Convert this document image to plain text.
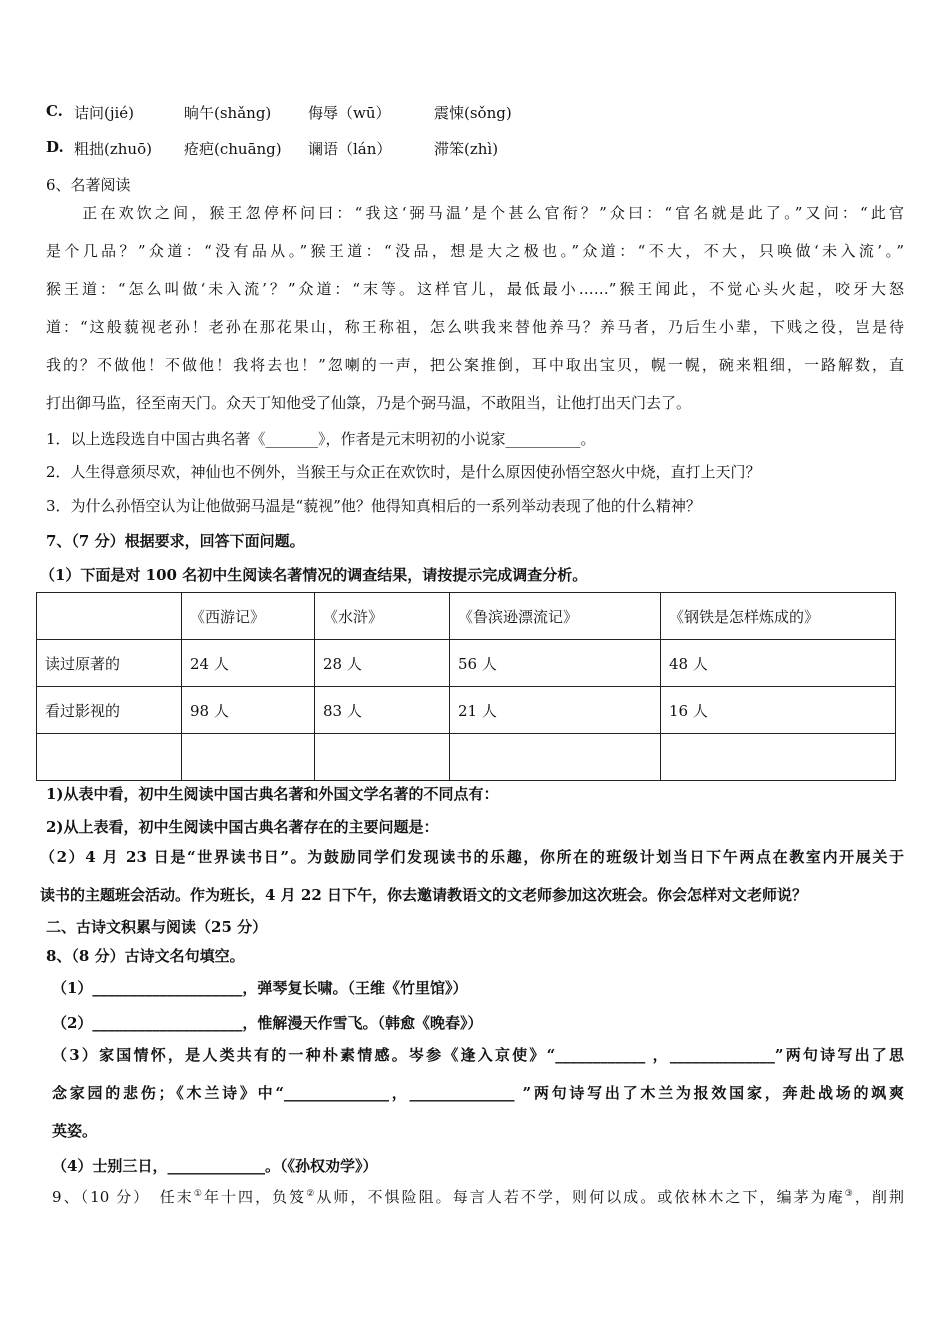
C. 诘问(jié)	晌午(shǎng) 侮辱（wū）	震悚(sǒng)
D. 粗拙(zhuō) 疮疤(chuāng) 谰语（lán）	滞笨(zhì)
6、名著阅读
　　正在欢饮之间，猴王忽停杯问曰：“我这‘弼马温’是个甚么官衔？”众曰：“官名就是此了。”又问：“此官
是个几品？”众道：“没有品从。”猴王道：“没品，想是大之极也。”众道：“不大，不大，只唤做‘未入流’。”
猴王道：“怎么叫做‘未入流’？”众道：“末等。这样官儿，最低最小……”猴王闻此，不觉心头火起，咬牙大怒
道：“这般藐视老孙！老孙在那花果山，称王称祖，怎么哄我来替他养马？养马者，乃后生小辈，下贱之役，岂是待
我的？不做他！不做他！我将去也！”忽喇的一声，把公案推倒，耳中取出宝贝，幌一幌，碗来粗细，一路解数，直
打出御马监，径至南天门。众天丁知他受了仙箓，乃是个弼马温，不敢阻当，让他打出天门去了。
1．以上选段选自中国古典名著《_______》，作者是元末明初的小说家__________。
2．人生得意须尽欢，神仙也不例外，当猴王与众正在欢饮时，是什么原因使孙悟空怒火中烧，直打上天门？
3．为什么孙悟空认为让他做弼马温是“藐视”他？他得知真相后的一系列举动表现了他的什么精神？
7、（7 分）根据要求，回答下面问题。
（1）下面是对 100 名初中生阅读名著情况的调查结果，请按提示完成调查分析。
	《西游记》	《水浒》	《鲁滨逊漂流记》	《钢铁是怎样炼成的》
读过原著的	24 人	28 人	56 人	48 人
看过影视的	98 人	83 人	21 人	16 人

1)从表中看，初中生阅读中国古典名著和外国文学名著的不同点有：
2)从上表看，初中生阅读中国古典名著存在的主要问题是：
（2）4 月 23 日是“世界读书日”。为鼓励同学们发现读书的乐趣，你所在的班级计划当日下午两点在教室内开展关于
读书的主题班会活动。作为班长，4 月 22 日下午，你去邀请教语文的文老师参加这次班会。你会怎样对文老师说？
二、古诗文积累与阅读（25 分）
8、（8 分）古诗文名句填空。
（1）____________________，弹琴复长啸。（王维《竹里馆》）
（2）____________________，惟解漫天作雪飞。（韩愈《晚春》）
（3）家国情怀，是人类共有的一种朴素情感。岑参《逢入京使》“____________ ，______________”两句诗写出了思
念家园的悲伤；《木兰诗》中“______________，______________ ”两句诗写出了木兰为报效国家，奔赴战场的飒爽
英姿。
（4）士别三日，_____________。（《孙权劝学》）
9、（10 分）　任末①年十四，负笈②从师，不惧险阻。每言人若不学，则何以成。或依林木之下，编茅为庵③，削荆
